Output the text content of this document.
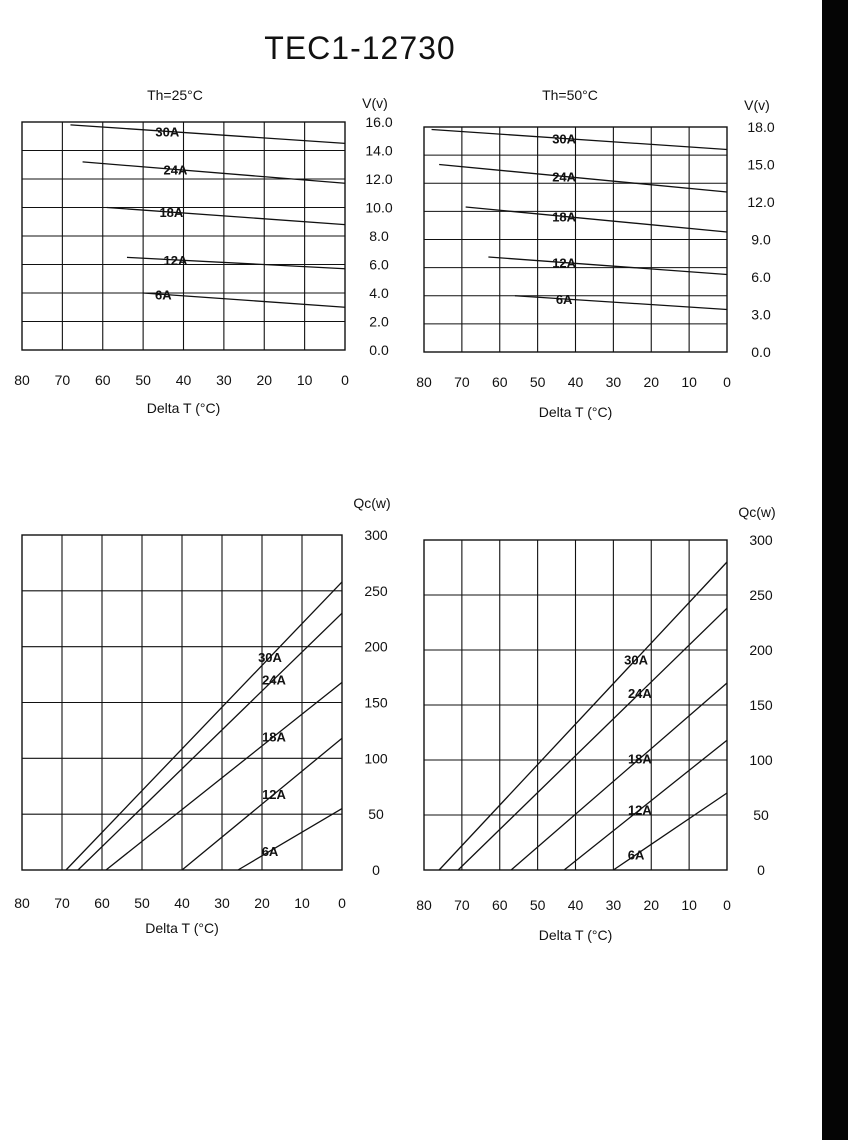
TEC1-12730
Th=25°C	V(v)
0.0
2.0
4.0
6.0
8.0
10.0
12.0
14.0
16.0
80 70 60 50 40 30 20 10 0
Delta T (°C)
30A
24A
18A
12A
6A
Th=50°C
V(v)
0.0
3.0
6.0
9.0
12.0
15.0
18.0
80 70 60 50 40 30 20 10 0
Delta T (°C)
30A
24A
18A
12A
6A
Qc(w)
0
50
100
150
200
250
300
80 70 60 50 40 30 20 10 0
Delta T (°C)
30A
24A
18A
12A
6A
Qc(w)
0
50
100
150
200
250
300
80 70 60 50 40 30 20 10 0
Delta T (°C)
30A
24A
18A
12A
6A
